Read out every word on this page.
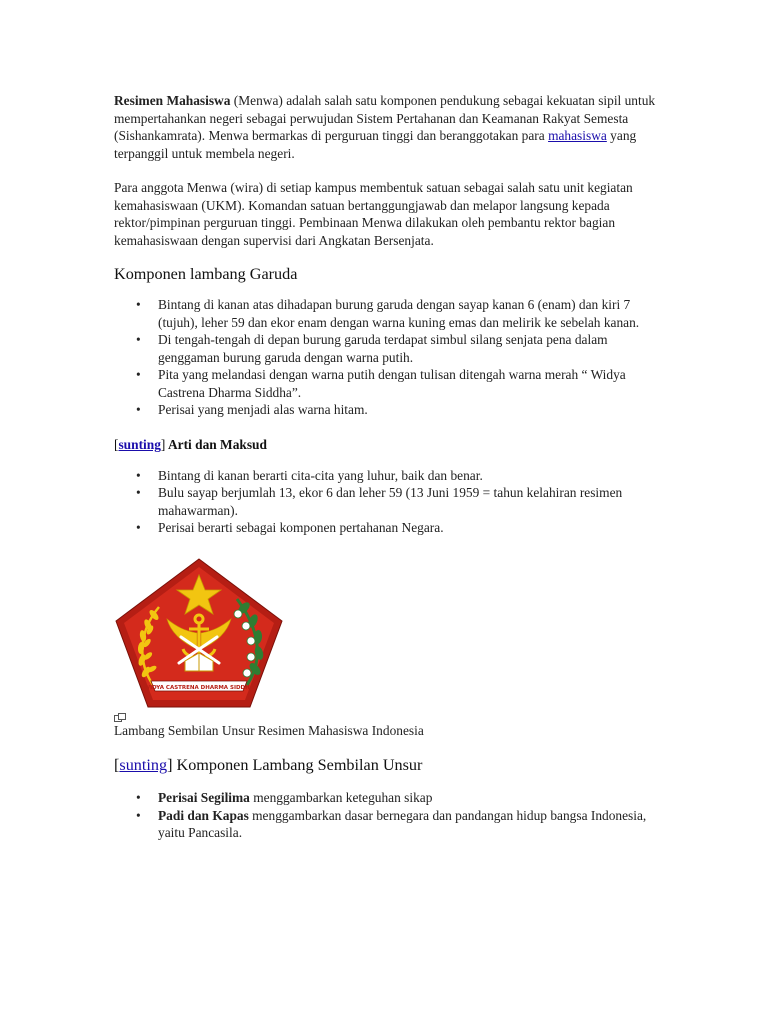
Resimen Mahasiswa (Menwa) adalah salah satu komponen pendukung sebagai kekuatan sipil untuk mempertahankan negeri sebagai perwujudan Sistem Pertahanan dan Keamanan Rakyat Semesta (Sishankamrata). Menwa bermarkas di perguruan tinggi dan beranggotakan para mahasiswa yang terpanggil untuk membela negeri.

Para anggota Menwa (wira) di setiap kampus membentuk satuan sebagai salah satu unit kegiatan kemahasiswaan (UKM). Komandan satuan bertanggungjawab dan melapor langsung kepada rektor/pimpinan perguruan tinggi. Pembinaan Menwa dilakukan oleh pembantu rektor bagian kemahasiswaan dengan supervisi dari Angkatan Bersenjata.

Komponen lambang Garuda
• Bintang di kanan atas dihadapan burung garuda dengan sayap kanan 6 (enam) dan kiri 7 (tujuh), leher 59 dan ekor enam dengan warna kuning emas dan melirik ke sebelah kanan.
• Di tengah-tengah di depan burung garuda terdapat simbul silang senjata pena dalam genggaman burung garuda dengan warna putih.
• Pita yang melandasi dengan warna putih dengan tulisan ditengah warna merah “ Widya Castrena Dharma Siddha”.
• Perisai yang menjadi alas warna hitam.
[sunting] Arti dan Maksud
• Bintang di kanan berarti cita-cita yang luhur, baik dan benar.
• Bulu sayap berjumlah 13, ekor 6 dan leher 59 (13 Juni 1959 = tahun kelahiran resimen mahawarman).
• Perisai berarti sebagai komponen pertahanan Negara.
WIDYA CASTRENA DHARMA SIDDHA

Lambang Sembilan Unsur Resimen Mahasiswa Indonesia

[sunting] Komponen Lambang Sembilan Unsur
• Perisai Segilima menggambarkan keteguhan sikap
• Padi dan Kapas menggambarkan dasar bernegara dan pandangan hidup bangsa Indonesia, yaitu Pancasila.
